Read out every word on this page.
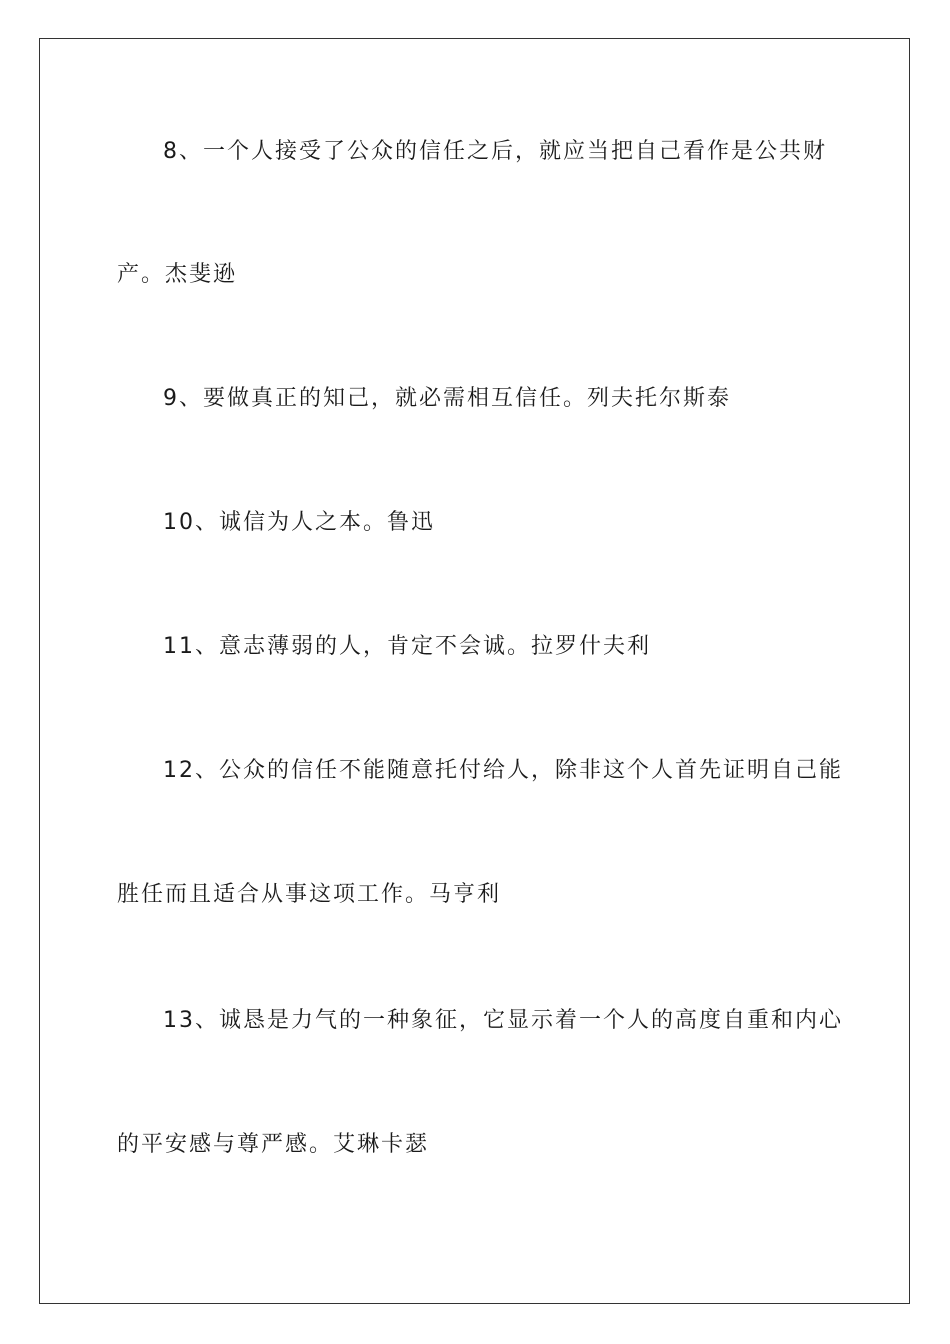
8、一个人接受了公众的信任之后，就应当把自己看作是公共财

产。杰斐逊

9、要做真正的知己，就必需相互信任。列夫托尔斯泰

10、诚信为人之本。鲁迅

11、意志薄弱的人，肯定不会诚。拉罗什夫利

12、公众的信任不能随意托付给人，除非这个人首先证明自己能

胜任而且适合从事这项工作。马亨利

13、诚恳是力气的一种象征，它显示着一个人的高度自重和内心

的平安感与尊严感。艾琳卡瑟
